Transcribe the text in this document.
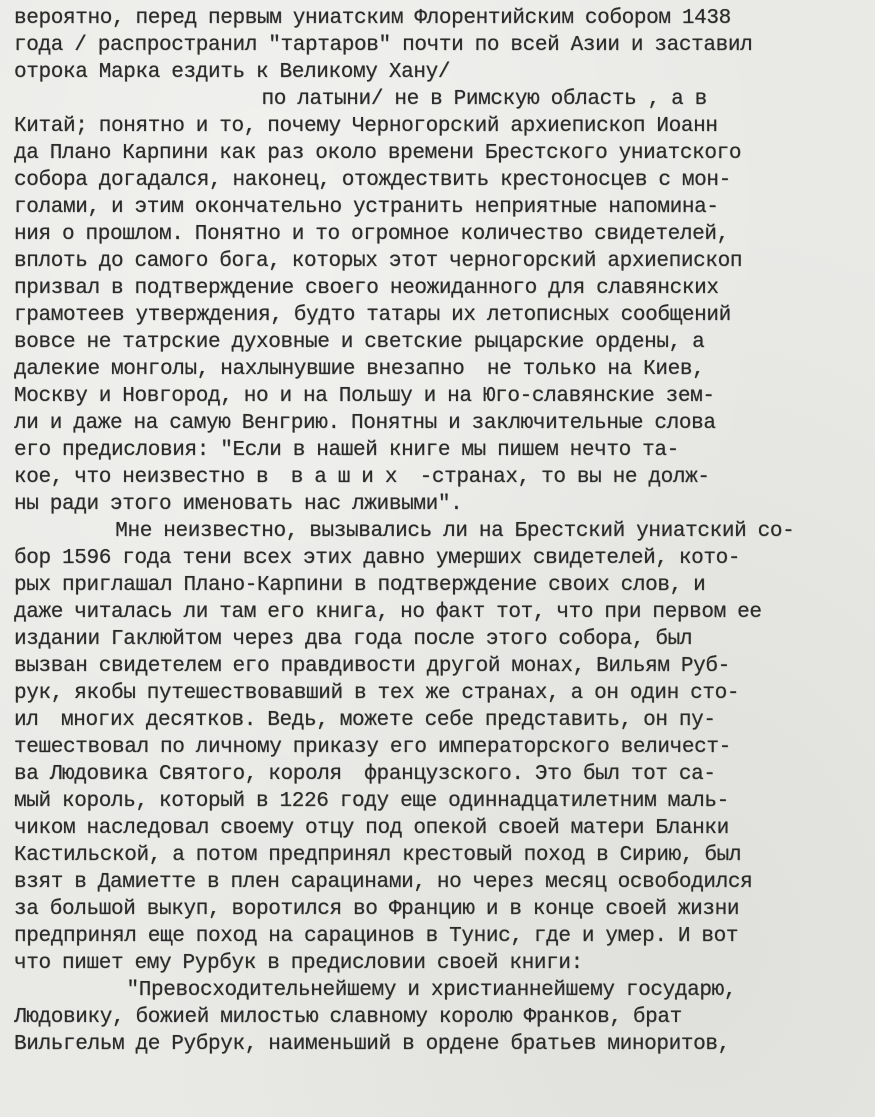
вероятно, перед первым униатским Флорентийским собором 1438
года / распространил "тартаров" почти по всей Азии и заставил
отрока Марка ездить к Великому Хану/
по латыни/ не в Римскую область , а в
Китай; понятно и то, почему Черногорский архиепископ Иоанн
да Плано Карпини как раз около времени Брестского униатского
собора догадался, наконец, отождествить крестоносцев с мон-
голами, и этим окончательно устранить неприятные напомина-
ния о прошлом. Понятно и то огромное количество свидетелей,
вплоть до самого бога, которых этот черногорский архиепископ
призвал в подтверждение своего неожиданного для славянских
грамотеев утверждения, будто татары их летописных сообщений
вовсе не татрские духовные и светские рыцарские ордены, а
далекие монголы, нахлынувшие внезапно  не только на Киев,
Москву и Новгород, но и на Польшу и на Юго-славянские зем-
ли и даже на самую Венгрию. Понятны и заключительные слова
его предисловия: "Если в нашей книге мы пишем нечто та-
кое, что неизвестно в  в а ш и х  -странах, то вы не долж-
ны ради этого именовать нас лживыми".
Мне неизвестно, вызывались ли на Брестский униатский со-
бор 1596 года тени всех этих давно умерших свидетелей, кото-
рых приглашал Плано-Карпини в подтверждение своих слов, и
даже читалась ли там его книга, но факт тот, что при первом ее
издании Гаклюйтом через два года после этого собора, был
вызван свидетелем его правдивости другой монах, Вильям Руб-
рук, якобы путешествовавший в тех же странах, а он один сто-
ил  многих десятков. Ведь, можете себе представить, он пу-
тешествовал по личному приказу его императорского величест-
ва Людовика Святого, короля  французского. Это был тот са-
мый король, который в 1226 году еще одиннадцатилетним маль-
чиком наследовал своему отцу под опекой своей матери Бланки
Кастильской, а потом предпринял крестовый поход в Сирию, был
взят в Дамиетте в плен сарацинами, но через месяц освободился
за большой выкуп, воротился во Францию и в конце своей жизни
предпринял еще поход на сарацинов в Тунис, где и умер. И вот
что пишет ему Рурбук в предисловии своей книги:
"Превосходительнейшему и христианнейшему государю,
Людовику, божией милостью славному королю Франков, брат
Вильгельм де Рубрук, наименьший в ордене братьев миноритов,
